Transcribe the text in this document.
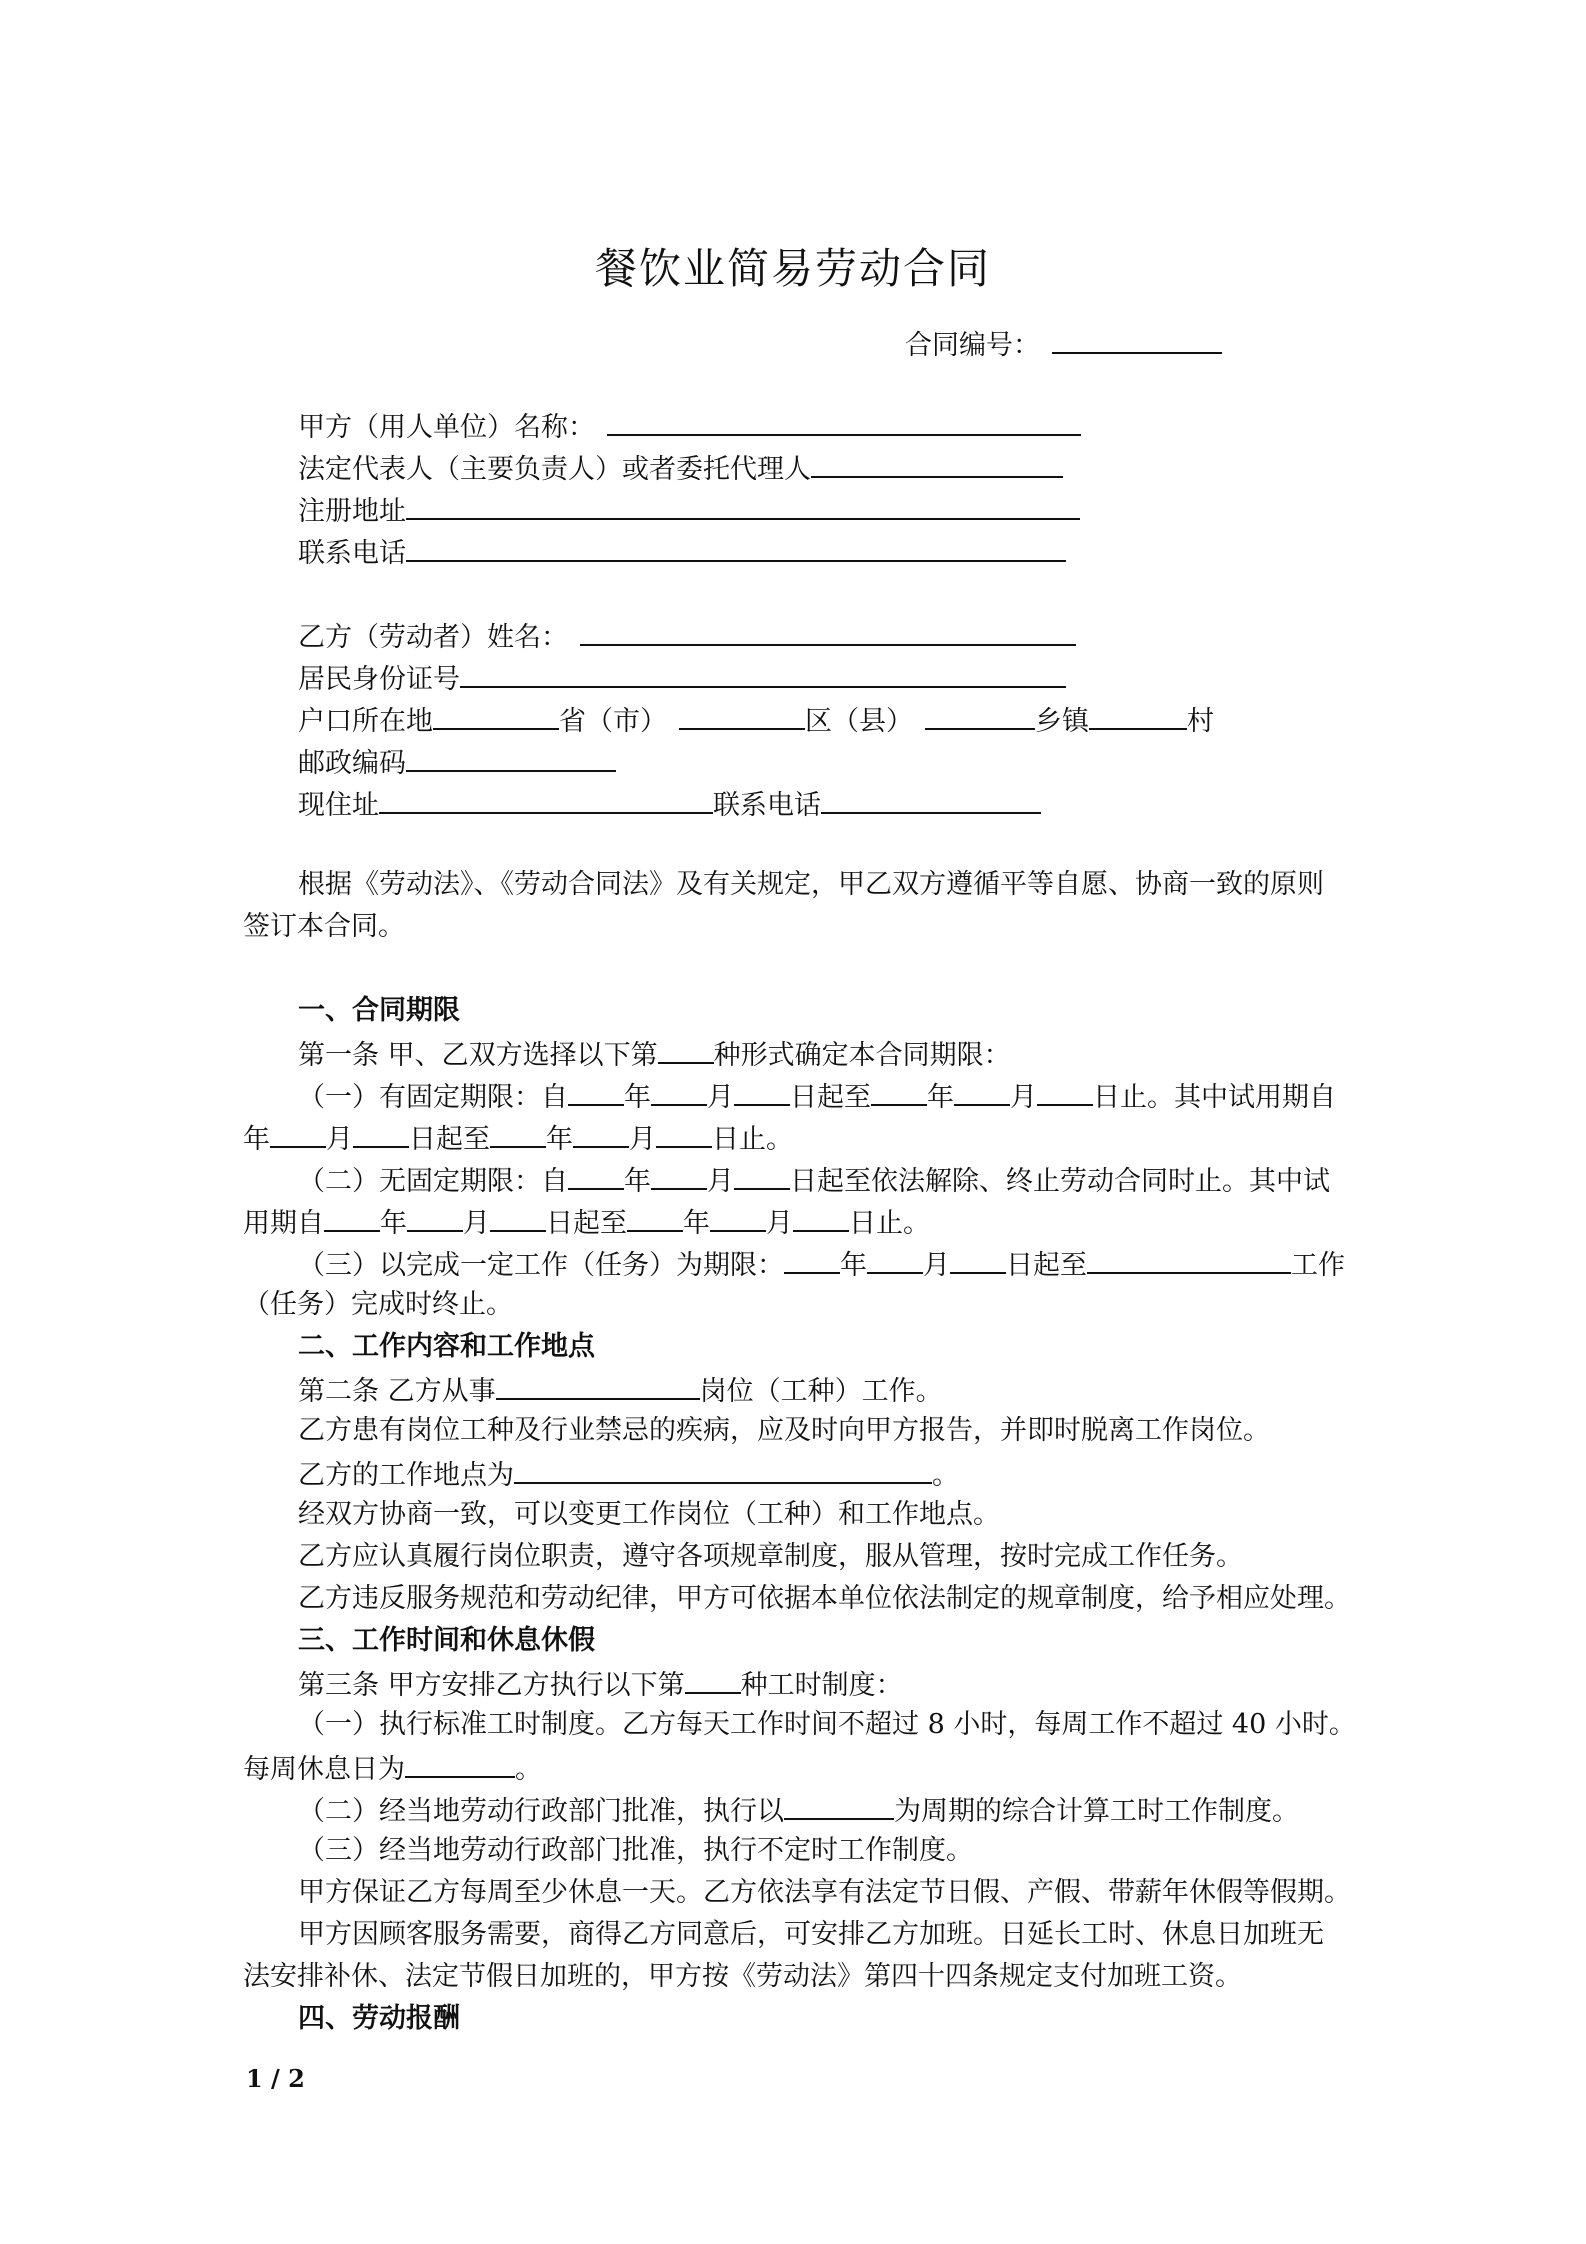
餐饮业简易劳动合同
合同编号：
甲方（用人单位）名称：
法定代表人（主要负责人）或者委托代理人
注册地址
联系电话
乙方（劳动者）姓名：
居民身份证号
户口所在地	省（市）	区（县）	乡镇	村
邮政编码
现住址	联系电话
根据《劳动法》、《劳动合同法》及有关规定，甲乙双方遵循平等自愿、协商一致的原则
签订本合同。
一、合同期限
第一条 甲、乙双方选择以下第 种形式确定本合同期限：
（一）有固定期限：自 年 月 日起至 年 月 日止。其中试用期自
年 月 日起至 年 月 日止。
（二）无固定期限：自 年 月 日起至依法解除、终止劳动合同时止。其中试
用期自 年 月 日起至 年 月 日止。
（三）以完成一定工作（任务）为期限： 年 月 日起至	工作
（任务）完成时终止。
二、工作内容和工作地点
第二条 乙方从事	岗位（工种）工作。
乙方患有岗位工种及行业禁忌的疾病，应及时向甲方报告，并即时脱离工作岗位。
乙方的工作地点为	。
经双方协商一致，可以变更工作岗位（工种）和工作地点。
乙方应认真履行岗位职责，遵守各项规章制度，服从管理，按时完成工作任务。
乙方违反服务规范和劳动纪律，甲方可依据本单位依法制定的规章制度，给予相应处理。
三、工作时间和休息休假
第三条 甲方安排乙方执行以下第 种工时制度：
（一）执行标准工时制度。乙方每天工作时间不超过 8 小时，每周工作不超过 40 小时。
每周休息日为	。
（二）经当地劳动行政部门批准，执行以	为周期的综合计算工时工作制度。
（三）经当地劳动行政部门批准，执行不定时工作制度。
甲方保证乙方每周至少休息一天。乙方依法享有法定节日假、产假、带薪年休假等假期。
甲方因顾客服务需要，商得乙方同意后，可安排乙方加班。日延长工时、休息日加班无
法安排补休、法定节假日加班的，甲方按《劳动法》第四十四条规定支付加班工资。
四、劳动报酬
1 / 2
